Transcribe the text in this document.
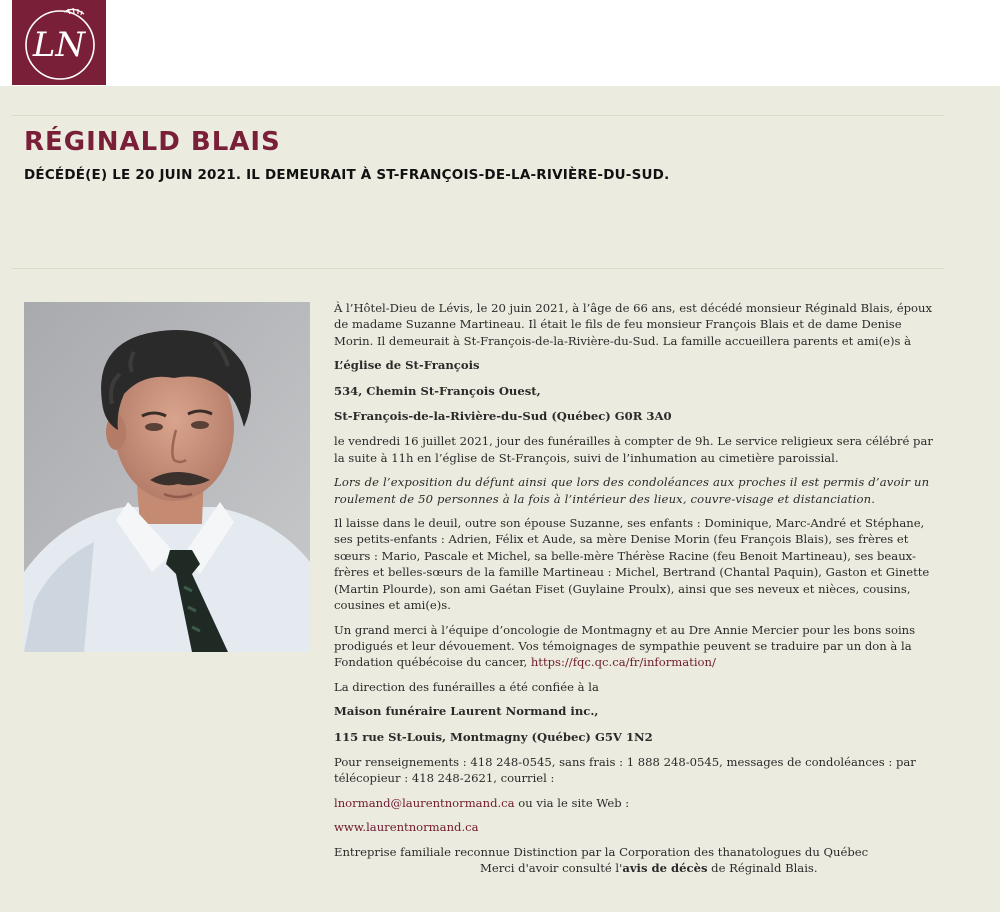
LN
RÉGINALD BLAIS
DÉCÉDÉ(E) LE 20 JUIN 2021. IL DEMEURAIT À ST-FRANÇOIS-DE-LA-RIVIÈRE-DU-SUD.

À l’Hôtel-Dieu de Lévis, le 20 juin 2021, à l’âge de 66 ans, est décédé monsieur Réginald Blais, époux de madame Suzanne Martineau. Il était le fils de feu monsieur François Blais et de dame Denise Morin. Il demeurait à St-François-de-la-Rivière-du-Sud. La famille accueillera parents et ami(e)s à

L’église de St-François

534, Chemin St-François Ouest,

St-François-de-la-Rivière-du-Sud (Québec) G0R 3A0

le vendredi 16 juillet 2021, jour des funérailles à compter de 9h. Le service religieux sera célébré par la suite à 11h en l’église de St-François, suivi de l’inhumation au cimetière paroissial.

Lors de l’exposition du défunt ainsi que lors des condoléances aux proches il est permis d’avoir un roulement de 50 personnes à la fois à l’intérieur des lieux, couvre-visage et distanciation.

Il laisse dans le deuil, outre son épouse Suzanne, ses enfants : Dominique, Marc-André et Stéphane, ses petits-enfants : Adrien, Félix et Aude, sa mère Denise Morin (feu François Blais), ses frères et sœurs : Mario, Pascale et Michel, sa belle-mère Thérèse Racine (feu Benoit Martineau), ses beaux-frères et belles-sœurs de la famille Martineau : Michel, Bertrand (Chantal Paquin), Gaston et Ginette (Martin Plourde), son ami Gaétan Fiset (Guylaine Proulx), ainsi que ses neveux et nièces, cousins, cousines et ami(e)s.

Un grand merci à l’équipe d’oncologie de Montmagny et au Dre Annie Mercier pour les bons soins prodigués et leur dévouement. Vos témoignages de sympathie peuvent se traduire par un don à la Fondation québécoise du cancer, https://fqc.qc.ca/fr/information/

La direction des funérailles a été confiée à la

Maison funéraire Laurent Normand inc.,

115 rue St-Louis, Montmagny (Québec) G5V 1N2

Pour renseignements : 418 248-0545, sans frais : 1 888 248-0545, messages de condoléances : par télécopieur : 418 248-2621, courriel :

lnormand@laurentnormand.ca ou via le site Web :

www.laurentnormand.ca

Entreprise familiale reconnue Distinction par la Corporation des thanatologues du Québec

Merci d'avoir consulté l'avis de décès de Réginald Blais.
